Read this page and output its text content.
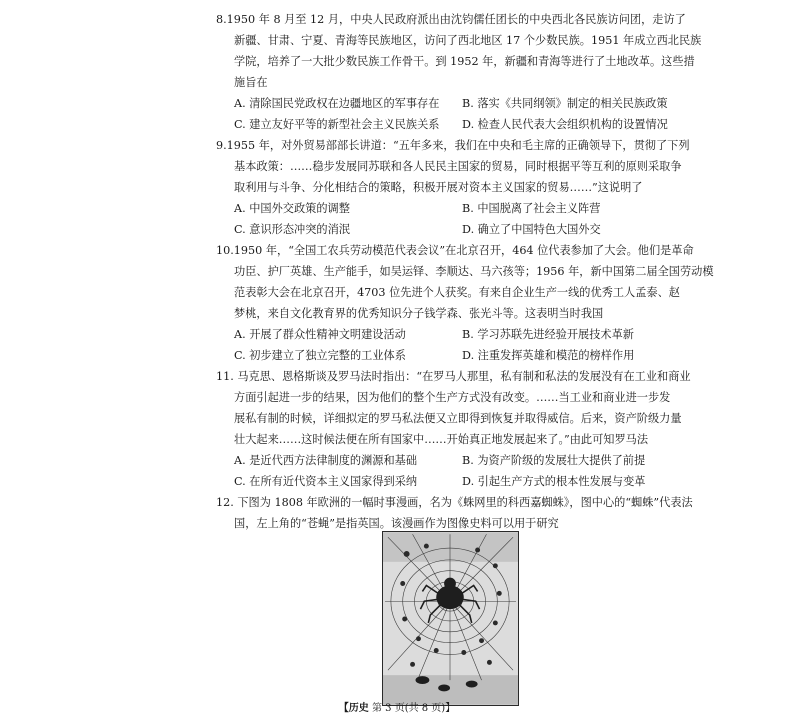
8.1950 年 8 月至 12 月，中央人民政府派出由沈钧儒任团长的中央西北各民族访问团，走访了

新疆、甘肃、宁夏、青海等民族地区，访问了西北地区 17 个少数民族。1951 年成立西北民族

学院，培养了一大批少数民族工作骨干。到 1952 年，新疆和青海等进行了土地改革。这些措

施旨在

A. 清除国民党政权在边疆地区的军事存在 B. 落实《共同纲领》制定的相关民族政策
C. 建立友好平等的新型社会主义民族关系 D. 检查人民代表大会组织机构的设置情况

9.1955 年，对外贸易部部长讲道：“五年多来，我们在中央和毛主席的正确领导下，贯彻了下列

基本政策：……稳步发展同苏联和各人民民主国家的贸易，同时根据平等互利的原则采取争

取利用与斗争、分化相结合的策略，积极开展对资本主义国家的贸易……”这说明了

A. 中国外交政策的调整	B. 中国脱离了社会主义阵营
C. 意识形态冲突的消泯	D. 确立了中国特色大国外交

10.1950 年，“全国工农兵劳动模范代表会议”在北京召开，464 位代表参加了大会。他们是革命

功臣、护厂英雄、生产能手，如吴运铎、李顺达、马六孩等；1956 年，新中国第二届全国劳动模

范表彰大会在北京召开，4703 位先进个人获奖。有来自企业生产一线的优秀工人孟泰、赵

梦桃，来自文化教育界的优秀知识分子钱学森、张光斗等。这表明当时我国

A. 开展了群众性精神文明建设活动	B. 学习苏联先进经验开展技术革新
C. 初步建立了独立完整的工业体系	D. 注重发挥英雄和模范的榜样作用

11. 马克思、恩格斯谈及罗马法时指出：“在罗马人那里，私有制和私法的发展没有在工业和商业

方面引起进一步的结果，因为他们的整个生产方式没有改变。……当工业和商业进一步发

展私有制的时候，详细拟定的罗马私法便又立即得到恢复并取得威信。后来，资产阶级力量

壮大起来……这时候法便在所有国家中……开始真正地发展起来了。”由此可知罗马法

A. 是近代西方法律制度的渊源和基础	B. 为资产阶级的发展壮大提供了前提
C. 在所有近代资本主义国家得到采纳	D. 引起生产方式的根本性发展与变革

12. 下图为 1808 年欧洲的一幅时事漫画，名为《蛛网里的科西嘉蜘蛛》，图中心的“蜘蛛”代表法

国，左上角的“苍蝇”是指英国。该漫画作为图像史料可以用于研究

【历史 第 3 页(共 8 页)】
